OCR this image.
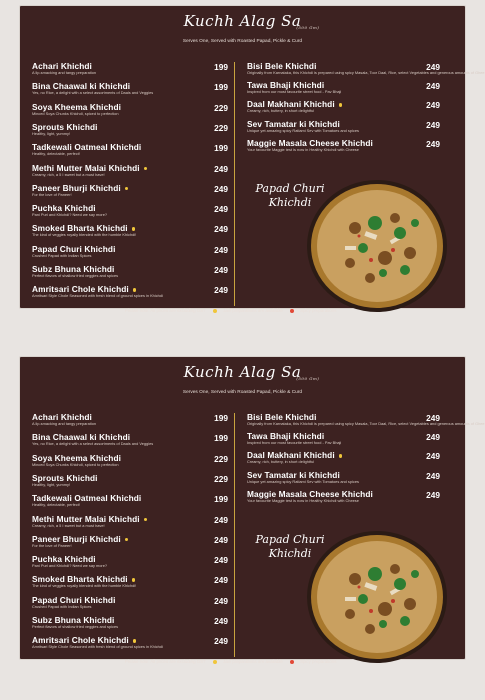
Kuchh Alag Sa
(500 Gm)
Serves One, Served with Roasted Papad, Pickle & Curd
Achari Khichdi
A lip-smacking and tangy preparation
199
Bina Chaawal ki Khichdi
Yes, no Rice, a delight with a select assortments of Daals and Veggies
199
Soya Kheema Khichdi
Minced Soya Chunks Khichdi, spiced to perfection
229
Sprouts Khichdi
Healthy, light, yummy!
229
Tadkewali Oatmeal Khichdi
Healthy, delectable, perfect!
199
Methi Mutter Malai Khichdi
Creamy, rich, a 5 I sweet but a must have!
249
Paneer Bhurji Khichdi
For the love of Paneer!
249
Puchka Khichdi
Pani Puri and Khichdi? Need we say more?
249
Smoked Bharta Khichdi
The kind of veggies royally blended with the humble Khichdi!
249
Papad Churi Khichdi
Crushed Papad with Indian Spices
249
Subz Bhuna Khichdi
Perfect flavors of shallow fried veggies and spices
249
Amritsari Chole Khichdi
Amritsari Style Chole Seasoned with fresh blend of ground spices in Khichdi
249
Bisi Bele Khichdi
Originally from Karnataka, this Khichdi is prepared using spicy Masala, Toor Daal, Rice, select Vegetables and generous amounts of Ghee
249
Tawa Bhaji Khichdi
Inspired from our most favourite street food - Pav Bhaji
249
Daal Makhani Khichdi
Creamy, rich, buttery, in short delightful
249
Sev Tamatar ki Khichdi
Unique yet amazing spicy Ratlami Sev with Tomatoes and spices
249
Maggie Masala Cheese Khichdi
Your favourite Maggie test is now in Healthy Khichdi with Cheese
249
Papad Churi Khichdi
Please note: All prices are excluding GST	Jain preparations are available	Spicy preparations
Kuchh Alag Sa
(500 Gm)
Serves One, Served with Roasted Papad, Pickle & Curd
Achari Khichdi
A lip-smacking and tangy preparation
199
Bina Chaawal ki Khichdi
Yes, no Rice, a delight with a select assortments of Daals and Veggies
199
Soya Kheema Khichdi
Minced Soya Chunks Khichdi, spiced to perfection
229
Sprouts Khichdi
Healthy, light, yummy!
229
Tadkewali Oatmeal Khichdi
Healthy, delectable, perfect!
199
Methi Mutter Malai Khichdi
Creamy, rich, a 5 I sweet but a must have!
249
Paneer Bhurji Khichdi
For the love of Paneer!
249
Puchka Khichdi
Pani Puri and Khichdi? Need we say more?
249
Smoked Bharta Khichdi
The kind of veggies royally blended with the humble Khichdi!
249
Papad Churi Khichdi
Crushed Papad with Indian Spices
249
Subz Bhuna Khichdi
Perfect flavors of shallow fried veggies and spices
249
Amritsari Chole Khichdi
Amritsari Style Chole Seasoned with fresh blend of ground spices in Khichdi
249
Bisi Bele Khichdi
Originally from Karnataka, this Khichdi is prepared using spicy Masala, Toor Daal, Rice, select Vegetables and generous amounts of Ghee
249
Tawa Bhaji Khichdi
Inspired from our most favourite street food - Pav Bhaji
249
Daal Makhani Khichdi
Creamy, rich, buttery, in short delightful
249
Sev Tamatar ki Khichdi
Unique yet amazing spicy Ratlami Sev with Tomatoes and spices
249
Maggie Masala Cheese Khichdi
Your favourite Maggie test is now in Healthy Khichdi with Cheese
249
Papad Churi Khichdi
Please note: All prices are excluding GST	Jain preparations are available	Spicy preparations
